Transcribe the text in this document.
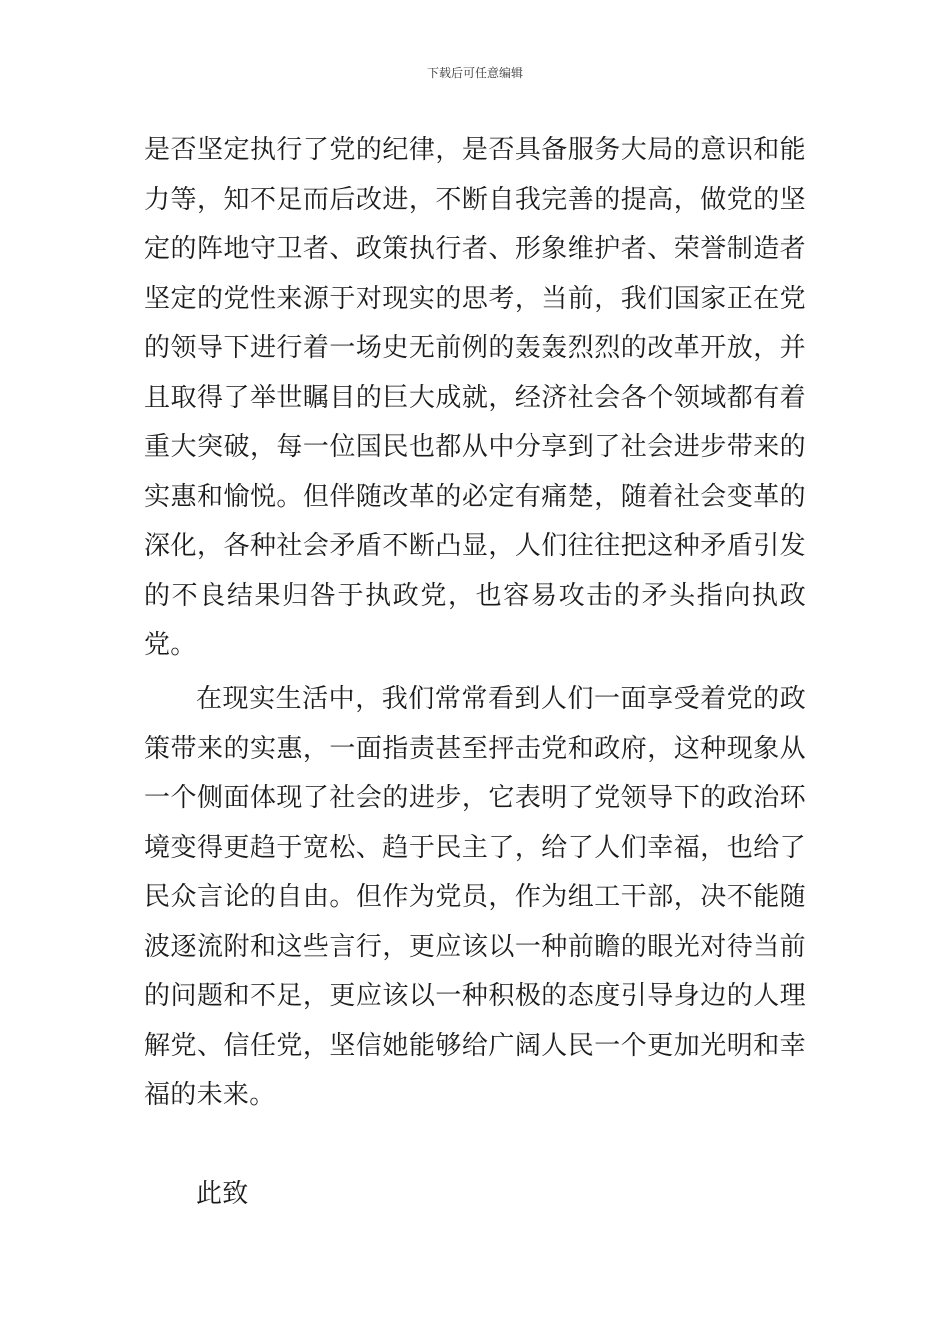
下载后可任意编辑

是否坚定执行了党的纪律，是否具备服务大局的意识和能力等，知不足而后改进，不断自我完善的提高，做党的坚定的阵地守卫者、政策执行者、形象维护者、荣誉制造者坚定的党性来源于对现实的思考，当前，我们国家正在党的领导下进行着一场史无前例的轰轰烈烈的改革开放，并且取得了举世瞩目的巨大成就，经济社会各个领域都有着重大突破，每一位国民也都从中分享到了社会进步带来的实惠和愉悦。但伴随改革的必定有痛楚，随着社会变革的深化，各种社会矛盾不断凸显，人们往往把这种矛盾引发的不良结果归咎于执政党，也容易攻击的矛头指向执政党。

在现实生活中，我们常常看到人们一面享受着党的政策带来的实惠，一面指责甚至抨击党和政府，这种现象从一个侧面体现了社会的进步，它表明了党领导下的政治环境变得更趋于宽松、趋于民主了，给了人们幸福，也给了民众言论的自由。但作为党员，作为组工干部，决不能随波逐流附和这些言行，更应该以一种前瞻的眼光对待当前的问题和不足，更应该以一种积极的态度引导身边的人理解党、信任党，坚信她能够给广阔人民一个更加光明和幸福的未来。

此致
